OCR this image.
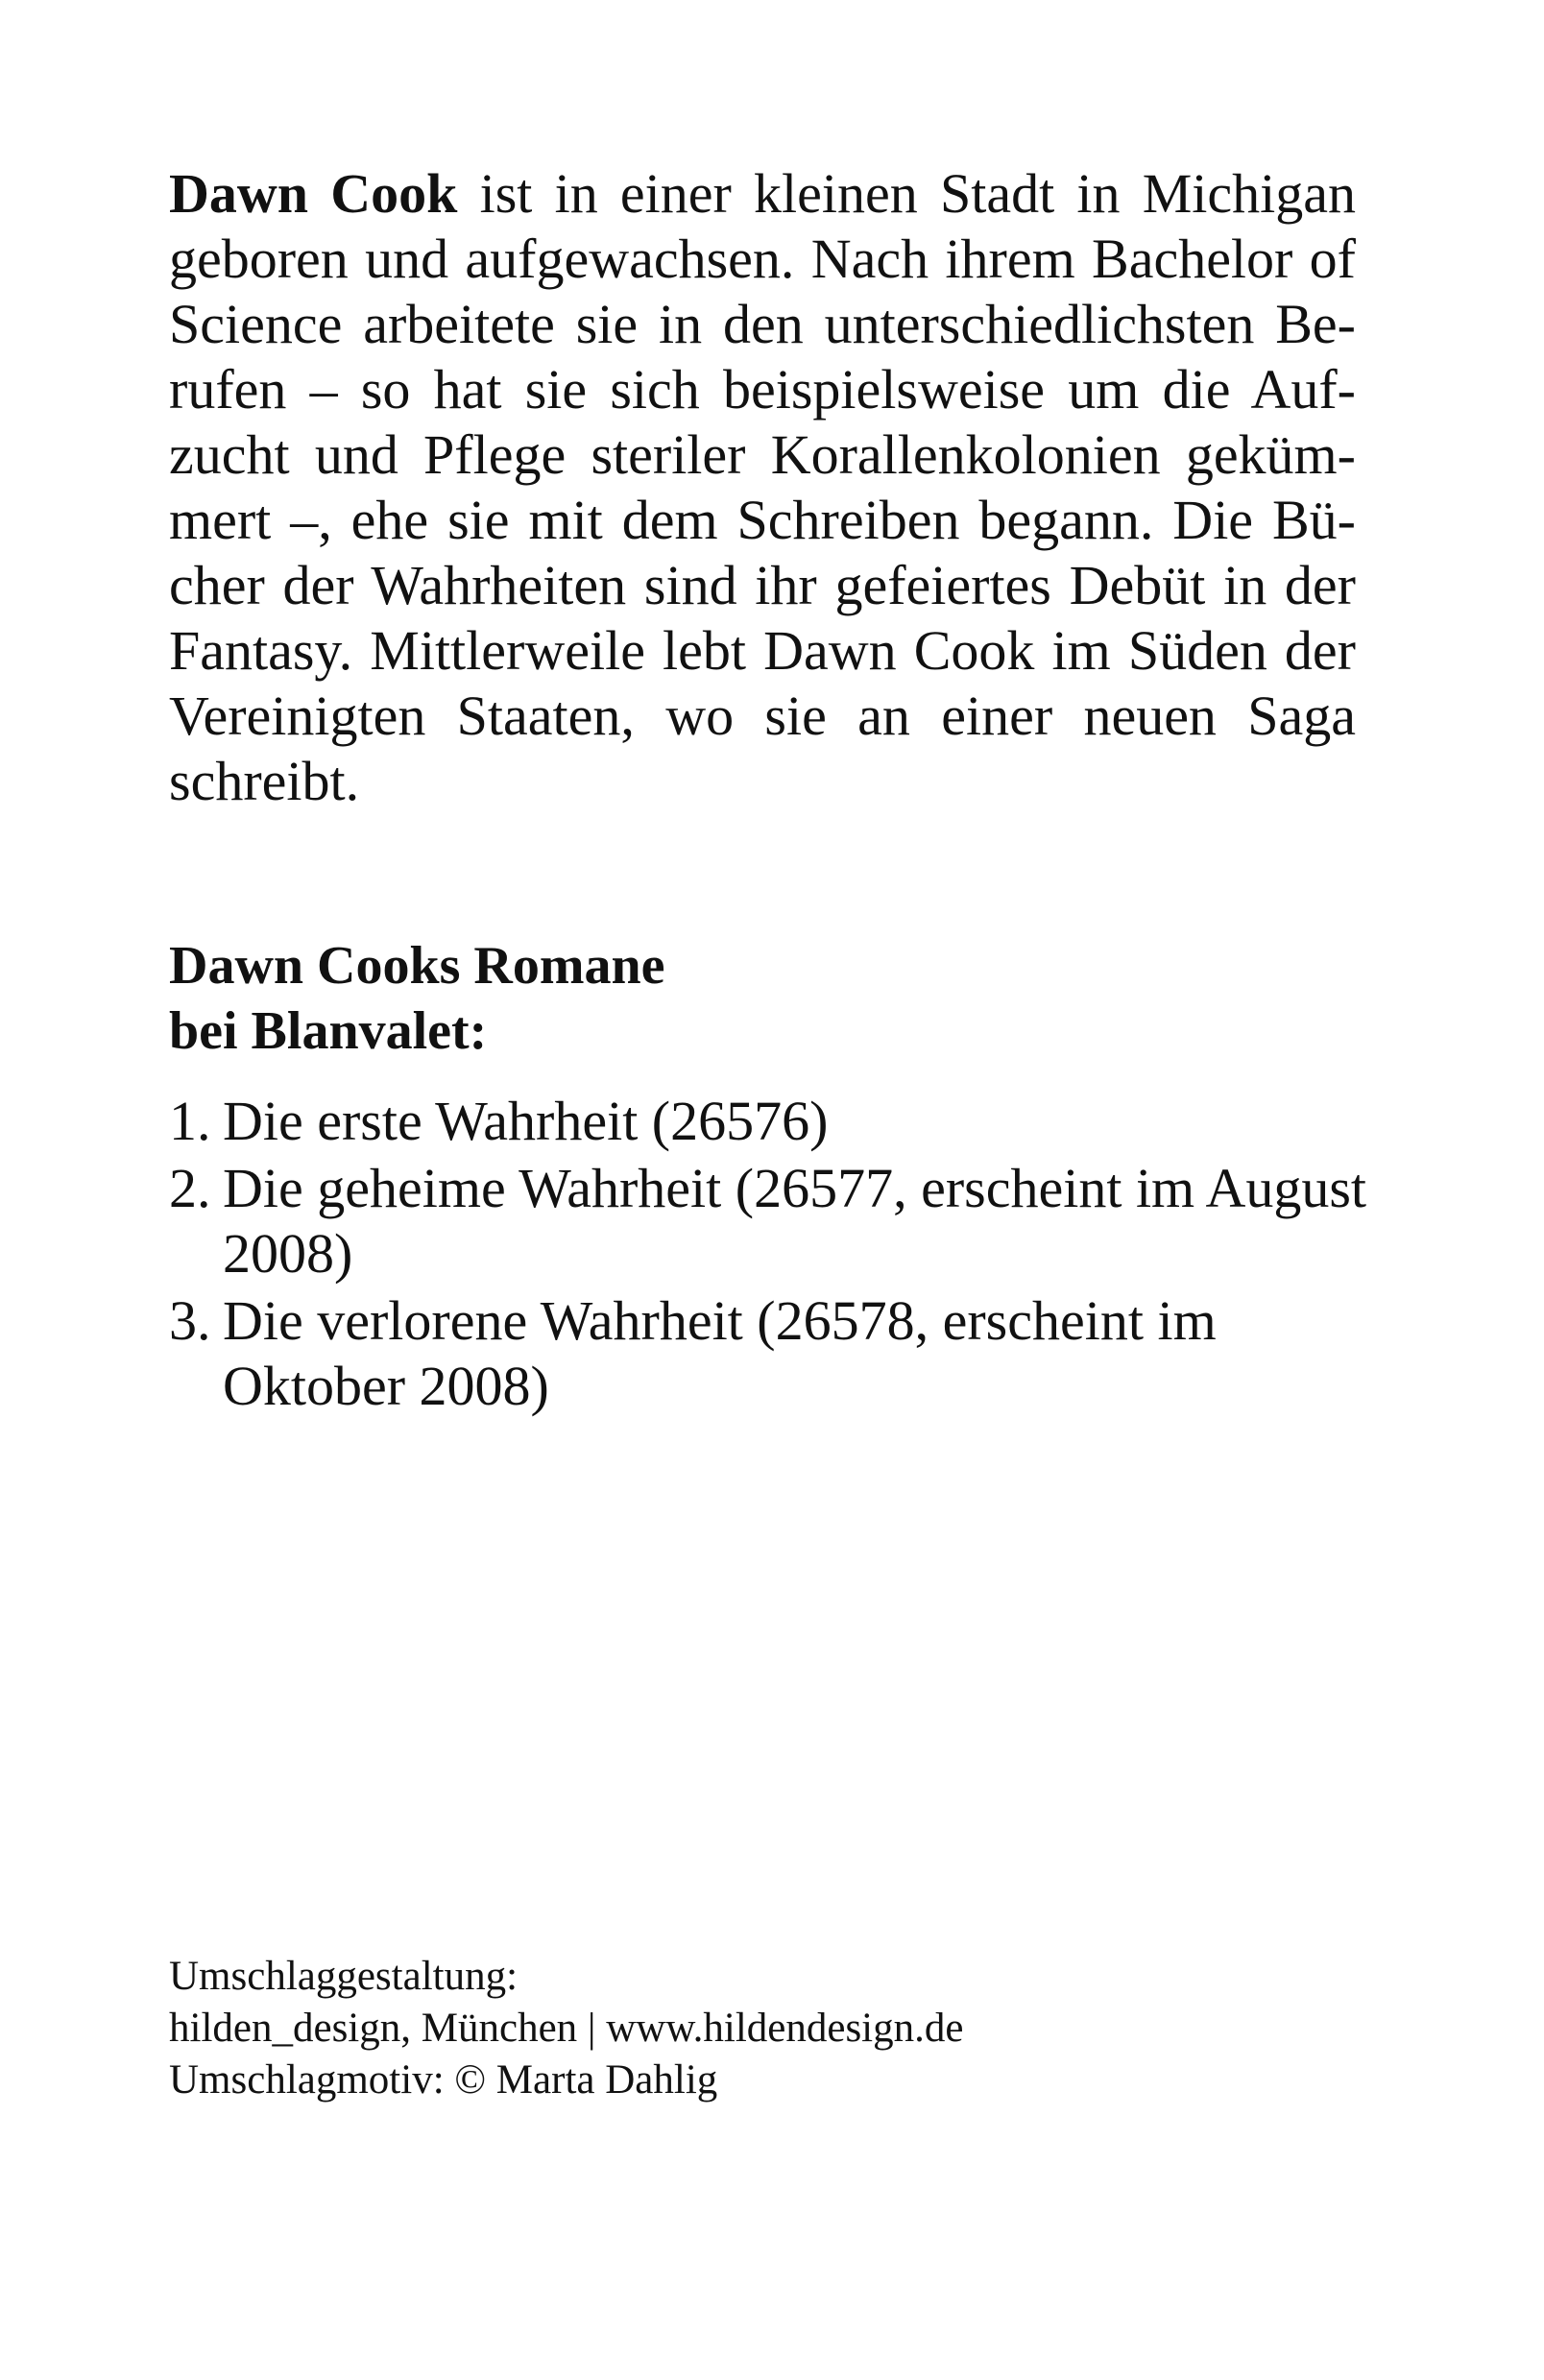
Dawn Cook ist in einer kleinen Stadt in Michigan geboren und aufgewachsen. Nach ihrem Bachelor of Science arbeitete sie in den unterschiedlichsten Berufen – so hat sie sich beispielsweise um die Aufzucht und Pflege steriler Korallenkolonien gekümmert –, ehe sie mit dem Schreiben begann. Die Bücher der Wahrheiten sind ihr gefeiertes Debüt in der Fantasy. Mittlerweile lebt Dawn Cook im Süden der Vereinigten Staaten, wo sie an einer neuen Saga schreibt.

Dawn Cooks Romane
bei Blanvalet:
1. Die erste Wahrheit (26576)
2. Die geheime Wahrheit (26577, erscheint im August 2008)
3. Die verlorene Wahrheit (26578, erscheint im Oktober 2008)

Umschlaggestaltung:
hilden_design, München | www.hildendesign.de
Umschlagmotiv: © Marta Dahlig
